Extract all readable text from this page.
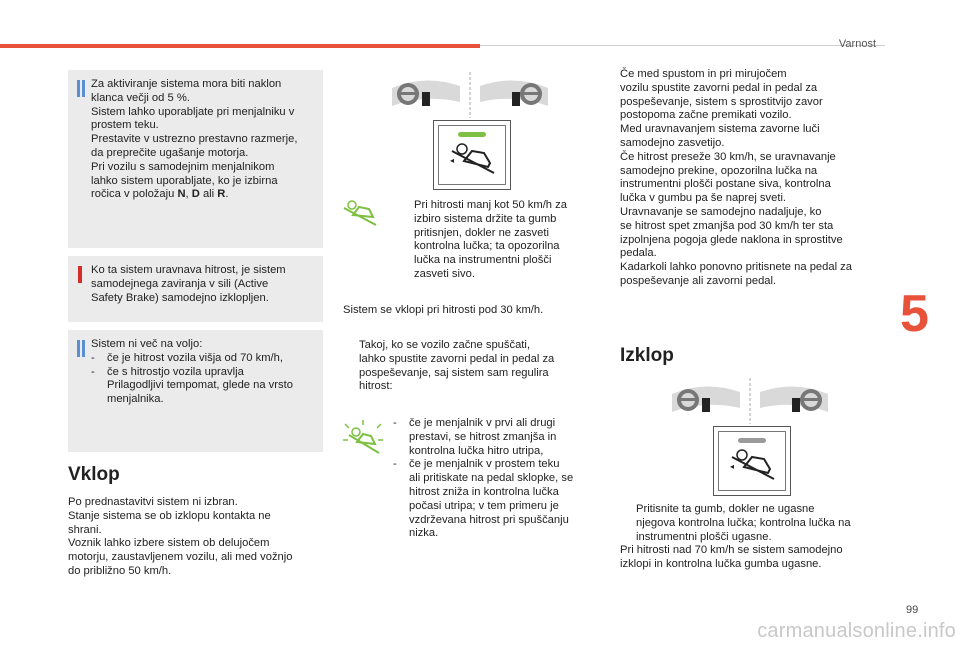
Varnost
5
99
carmanualsonline.info

Za aktiviranje sistema mora biti naklon

klanca večji od 5 %.

Sistem lahko uporabljate pri menjalniku v

prostem teku.

Prestavite v ustrezno prestavno razmerje,

da preprečite ugašanje motorja.

Pri vozilu s samodejnim menjalnikom

lahko sistem uporabljate, ko je izbirna

ročica v položaju N, D ali R.

Ko ta sistem uravnava hitrost, je sistem

samodejnega zaviranja v sili (Active

Safety Brake) samodejno izklopljen.

Sistem ni več na voljo:

-	če je hitrost vozila višja od 70 km/h,

-	če s hitrostjo vozila upravlja

Prilagodljivi tempomat, glede na vrsto

menjalnika.

Vklop

Po prednastavitvi sistem ni izbran.

Stanje sistema se ob izklopu kontakta ne

shrani.

Voznik lahko izbere sistem ob delujočem

motorju, zaustavljenem vozilu, ali med vožnjo

do približno 50 km/h.

◂

Pri hitrosti manj kot 50 km/h za

izbiro sistema držite ta gumb

pritisnjen, dokler ne zasveti

kontrolna lučka; ta opozorilna

lučka na instrumentni plošči

zasveti sivo.

Sistem se vklopi pri hitrosti pod 30 km/h.

Takoj, ko se vozilo začne spuščati,

lahko spustite zavorni pedal in pedal za

pospeševanje, saj sistem sam regulira

hitrost:

-	če je menjalnik v prvi ali drugi

prestavi, se hitrost zmanjša in

kontrolna lučka hitro utripa,

-	če je menjalnik v prostem teku

ali pritiskate na pedal sklopke, se

hitrost zniža in kontrolna lučka

počasi utripa; v tem primeru je

vzdrževana hitrost pri spuščanju

nizka.

Če med spustom in pri mirujočem

vozilu spustite zavorni pedal in pedal za

pospeševanje, sistem s sprostitvijo zavor

postopoma začne premikati vozilo.

Med uravnavanjem sistema zavorne luči

samodejno zasvetijo.

Če hitrost preseže 30 km/h, se uravnavanje

samodejno prekine, opozorilna lučka na

instrumentni plošči postane siva, kontrolna

lučka v gumbu pa še naprej sveti.

Uravnavanje se samodejno nadaljuje, ko

se hitrost spet zmanjša pod 30 km/h ter sta

izpolnjena pogoja glede naklona in sprostitve

pedala.

Kadarkoli lahko ponovno pritisnete na pedal za

pospeševanje ali zavorni pedal.

Izklop
◂

Pritisnite ta gumb, dokler ne ugasne

njegova kontrolna lučka; kontrolna lučka na

instrumentni plošči ugasne.

Pri hitrosti nad 70 km/h se sistem samodejno

izklopi in kontrolna lučka gumba ugasne.
